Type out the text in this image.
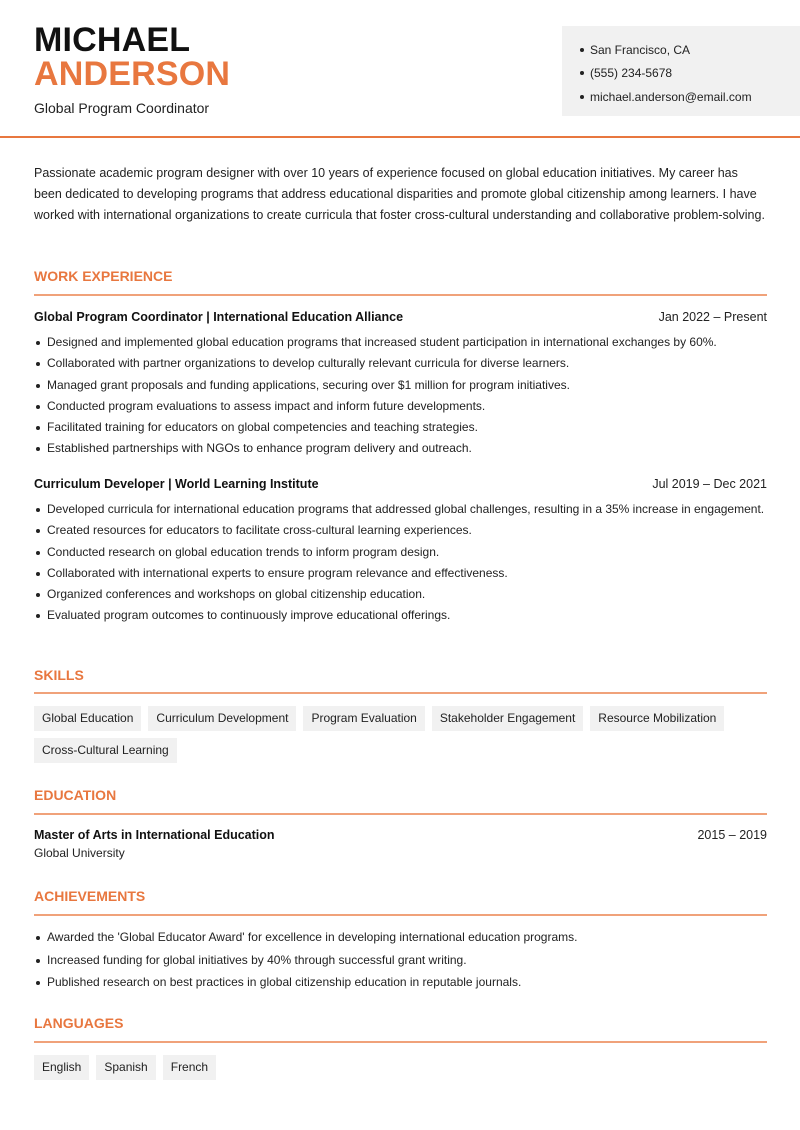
MICHAEL
ANDERSON
Global Program Coordinator
San Francisco, CA
(555) 234-5678
michael.anderson@email.com

Passionate academic program designer with over 10 years of experience focused on global education initiatives. My career has been dedicated to developing programs that address educational disparities and promote global citizenship among learners. I have worked with international organizations to create curricula that foster cross-cultural understanding and collaborative problem-solving.

WORK EXPERIENCE
Global Program Coordinator | International Education Alliance	Jan 2022 – Present
Designed and implemented global education programs that increased student participation in international exchanges by 60%.
Collaborated with partner organizations to develop culturally relevant curricula for diverse learners.
Managed grant proposals and funding applications, securing over $1 million for program initiatives.
Conducted program evaluations to assess impact and inform future developments.
Facilitated training for educators on global competencies and teaching strategies.
Established partnerships with NGOs to enhance program delivery and outreach.
Curriculum Developer | World Learning Institute	Jul 2019 – Dec 2021
Developed curricula for international education programs that addressed global challenges, resulting in a 35% increase in engagement.
Created resources for educators to facilitate cross-cultural learning experiences.
Conducted research on global education trends to inform program design.
Collaborated with international experts to ensure program relevance and effectiveness.
Organized conferences and workshops on global citizenship education.
Evaluated program outcomes to continuously improve educational offerings.
SKILLS
Global Education	Curriculum Development	Program Evaluation	Stakeholder Engagement	Resource Mobilization
Cross-Cultural Learning
EDUCATION
Master of Arts in International Education	2015 – 2019
Global University
ACHIEVEMENTS
Awarded the 'Global Educator Award' for excellence in developing international education programs.
Increased funding for global initiatives by 40% through successful grant writing.
Published research on best practices in global citizenship education in reputable journals.
LANGUAGES
English	Spanish	French
